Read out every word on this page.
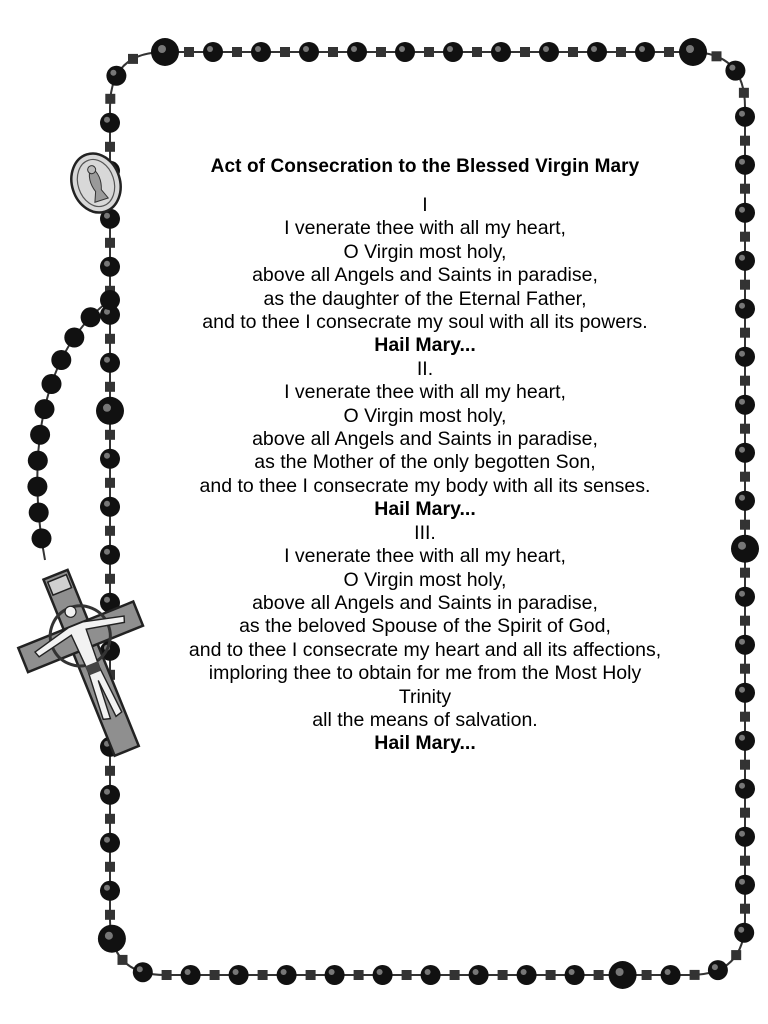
Act of Consecration to the Blessed Virgin Mary
I
I venerate thee with all my heart,
O Virgin most holy,
above all Angels and Saints in paradise,
as the daughter of the Eternal Father,
and to thee I consecrate my soul with all its powers.
Hail Mary...
II.
I venerate thee with all my heart,
O Virgin most holy,
above all Angels and Saints in paradise,
as the Mother of the only begotten Son,
and to thee I consecrate my body with all its senses.
Hail Mary...
III.
I venerate thee with all my heart,
O Virgin most holy,
above all Angels and Saints in paradise,
as the beloved Spouse of the Spirit of God,
and to thee I consecrate my heart and all its affections,
imploring thee to obtain for me from the Most Holy
Trinity
all the means of salvation.
Hail Mary...
